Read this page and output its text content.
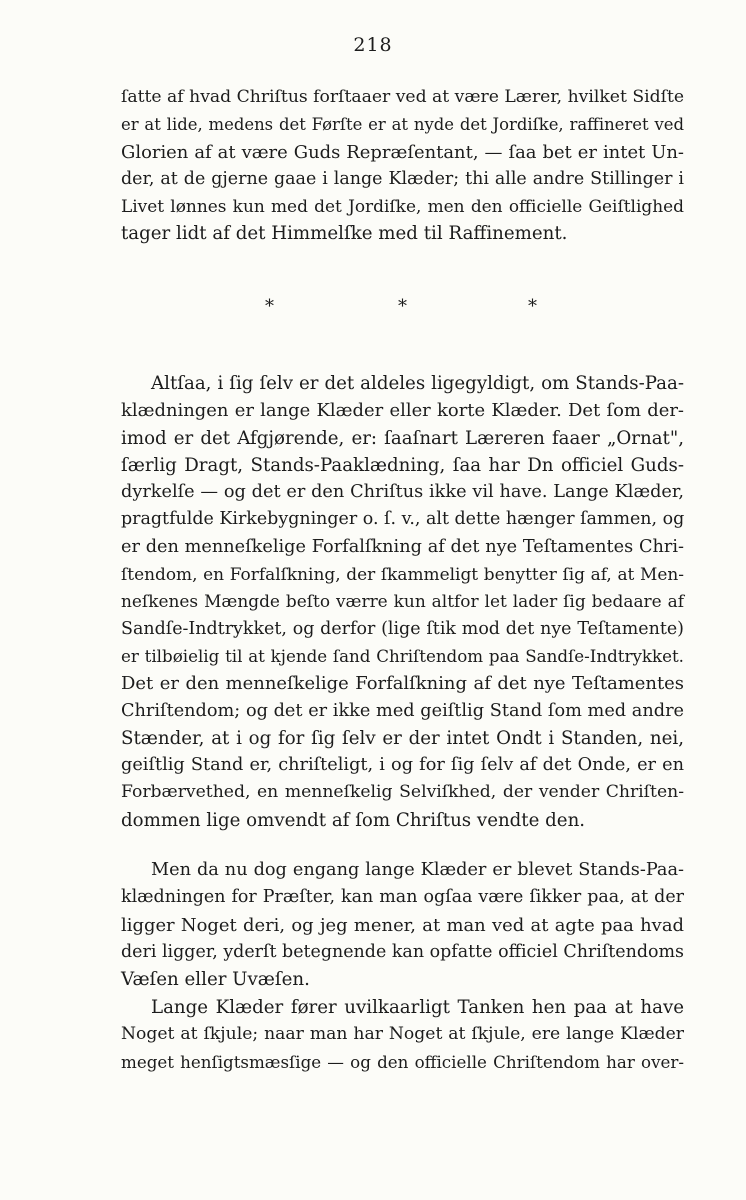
218
ſatte af hvad Chriſtus forſtaaer ved at være Lærer, hvilket Sidſte
er at lide, medens det Førſte er at nyde det Jordiſke, raffineret ved
Glorien af at være Guds Repræſentant, — ſaa bet er intet Un-
der, at de gjerne gaae i lange Klæder; thi alle andre Stillinger i
Livet lønnes kun med det Jordiſke, men den officielle Geiſtlighed
tager lidt af det Himmelſke med til Raffinement.
*	*	*
Altſaa, i ſig ſelv er det aldeles ligegyldigt, om Stands-Paa-
klædningen er lange Klæder eller korte Klæder. Det ſom der-
imod er det Afgjørende, er: ſaaſnart Læreren faaer „Ornat",
ſærlig Dragt, Stands-Paaklædning, ſaa har Dn officiel Guds-
dyrkelſe — og det er den Chriſtus ikke vil have. Lange Klæder,
pragtfulde Kirkebygninger o. ſ. v., alt dette hænger ſammen, og
er den menneſkelige Forfalſkning af det nye Teſtamentes Chri-
ſtendom, en Forfalſkning, der ſkammeligt benytter ſig af, at Men-
neſkenes Mængde beſto værre kun altfor let lader ſig bedaare af
Sandſe-Indtrykket, og derfor (lige ſtik mod det nye Teſtamente)
er tilbøielig til at kjende ſand Chriſtendom paa Sandſe-Indtrykket.
Det er den menneſkelige Forfalſkning af det nye Teſtamentes
Chriſtendom; og det er ikke med geiſtlig Stand ſom med andre
Stænder, at i og for ſig ſelv er der intet Ondt i Standen, nei,
geiſtlig Stand er, chriſteligt, i og for ſig ſelv af det Onde, er en
Forbærvethed, en menneſkelig Selviſkhed, der vender Chriſten-
dommen lige omvendt af ſom Chriſtus vendte den.
Men da nu dog engang lange Klæder er blevet Stands-Paa-
klædningen for Præſter, kan man ogſaa være ſikker paa, at der
ligger Noget deri, og jeg mener, at man ved at agte paa hvad
deri ligger, yderſt betegnende kan opfatte officiel Chriſtendoms
Væſen eller Uvæſen.
Lange Klæder fører uvilkaarligt Tanken hen paa at have
Noget at ſkjule; naar man har Noget at ſkjule, ere lange Klæder
meget henſigtsmæsſige — og den officielle Chriſtendom har over-
